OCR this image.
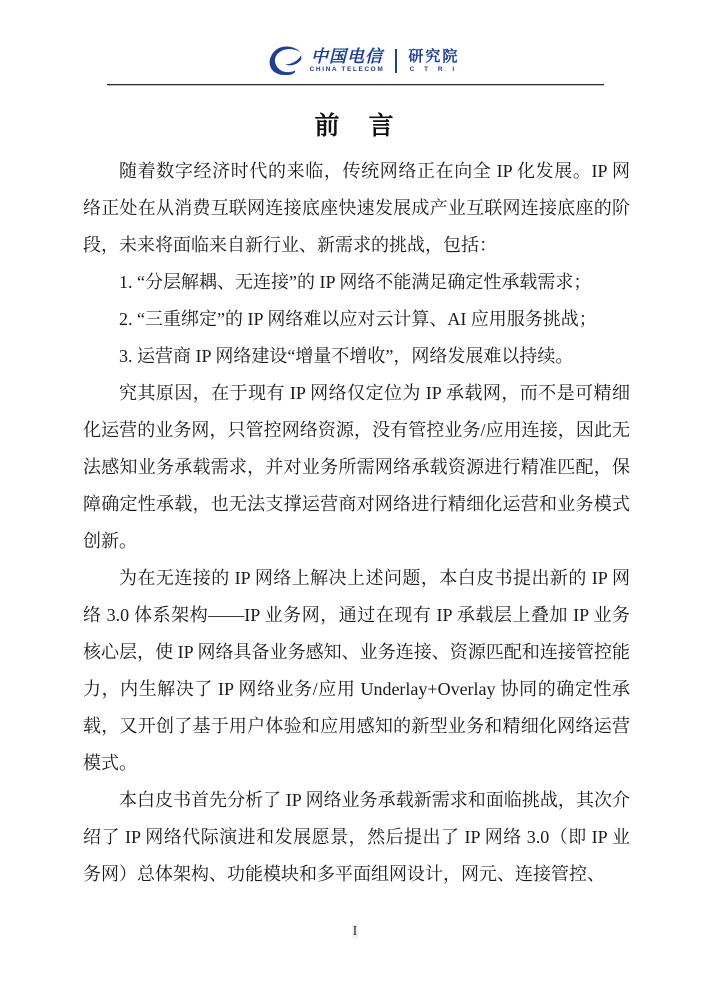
中国电信
CHINA TELECOM
研究院
C T R I
前　言

随着数字经济时代的来临，传统网络正在向全 IP 化发展。IP 网络正处在从消费互联网连接底座快速发展成产业互联网连接底座的阶段，未来将面临来自新行业、新需求的挑战，包括：

1. “分层解耦、无连接”的 IP 网络不能满足确定性承载需求；

2. “三重绑定”的 IP 网络难以应对云计算、AI 应用服务挑战；

3. 运营商 IP 网络建设“增量不增收”，网络发展难以持续。

究其原因，在于现有 IP 网络仅定位为 IP 承载网，而不是可精细化运营的业务网，只管控网络资源，没有管控业务/应用连接，因此无法感知业务承载需求，并对业务所需网络承载资源进行精准匹配，保障确定性承载，也无法支撑运营商对网络进行精细化运营和业务模式创新。

为在无连接的 IP 网络上解决上述问题，本白皮书提出新的 IP 网络 3.0 体系架构——IP 业务网，通过在现有 IP 承载层上叠加 IP 业务核心层，使 IP 网络具备业务感知、业务连接、资源匹配和连接管控能力，内生解决了 IP 网络业务/应用 Underlay+Overlay 协同的确定性承载，又开创了基于用户体验和应用感知的新型业务和精细化网络运营模式。

本白皮书首先分析了 IP 网络业务承载新需求和面临挑战，其次介绍了 IP 网络代际演进和发展愿景，然后提出了 IP 网络 3.0（即 IP 业务网）总体架构、功能模块和多平面组网设计，网元、连接管控、

I
